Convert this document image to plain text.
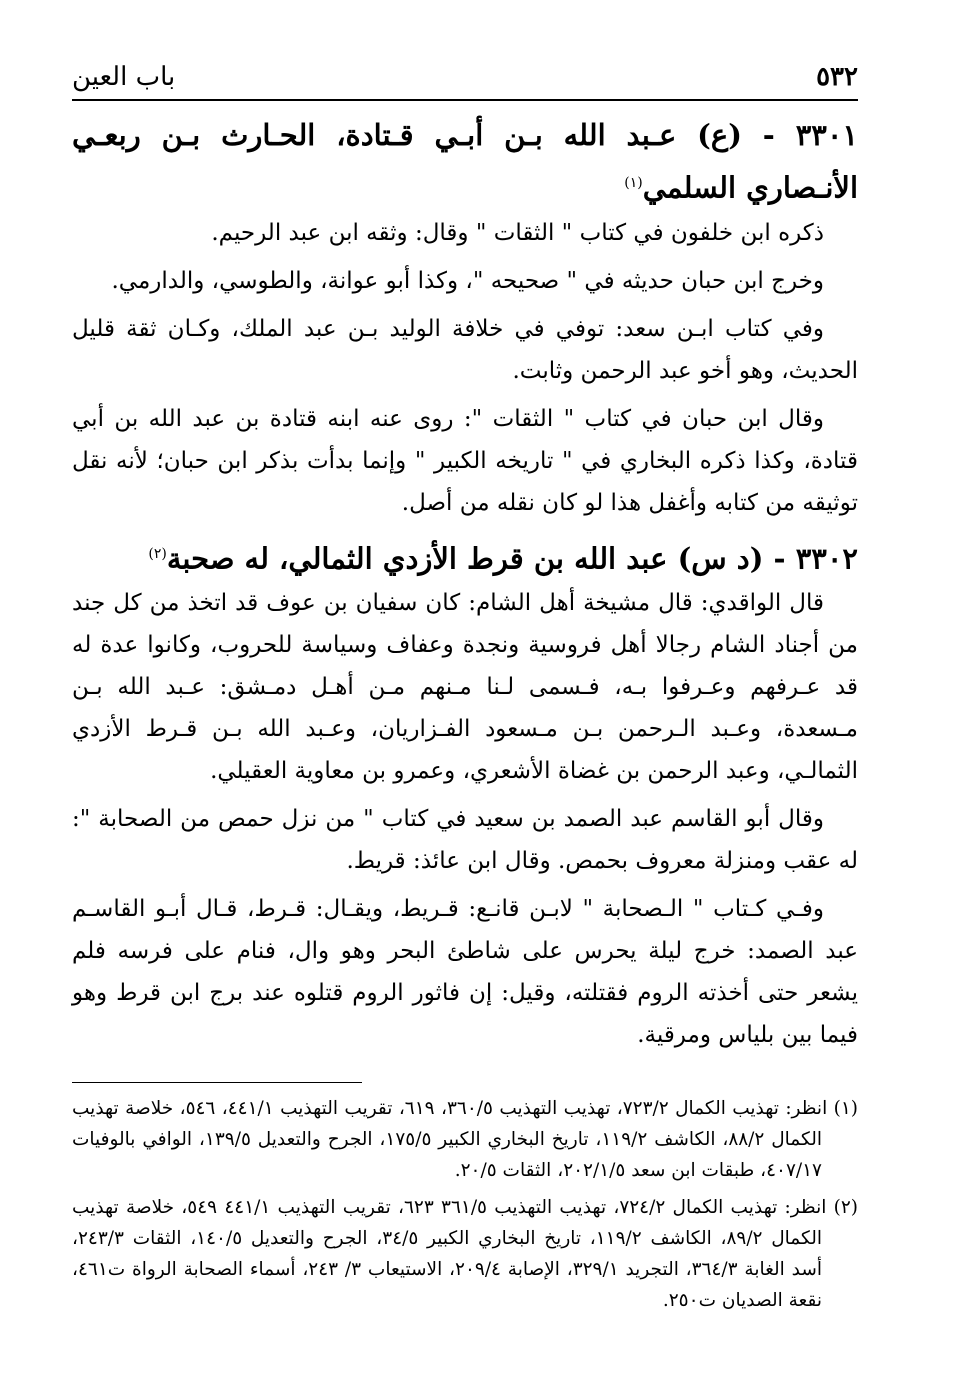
٥٣٢
باب العين

٣٣٠١ - (ع) عـبد الله بـن أبـي قـتادة، الحـارث بـن ربعـي الأنـصاري السلمي$^{(١)}$

ذكره ابن خلفون في كتاب " الثقات " وقال: وثقه ابن عبد الرحيم.

وخرج ابن حبان حديثه في " صحيحه "، وكذا أبو عوانة، والطوسي، والدارمي.

وفي كتاب ابـن سعد: توفي في خلافة الوليد بـن عبد الملك، وكـان ثقة قليل الحديث، وهو أخو عبد الرحمن وثابت.

وقال ابن حبان في كتاب " الثقات ": روى عنه ابنه قتادة بن عبد الله بن أبي قتادة، وكذا ذكره البخاري في " تاريخه الكبير " وإنما بدأت بذكر ابن حبان؛ لأنه نقل توثيقه من كتابه وأغفل هذا لو كان نقله من أصل.

٣٣٠٢ - (د س) عبد الله بن قرط الأزدي الثمالي، له صحبة$^{(٢)}$

قال الواقدي: قال مشيخة أهل الشام: كان سفيان بن عوف قد اتخذ من كل جند من أجناد الشام رجالا أهل فروسية ونجدة وعفاف وسياسة للحروب، وكانوا عدة له قد عـرفهم وعـرفوا بـه، فـسمى لـنا مـنهم مـن أهـل دمـشق: عـبد الله بـن مـسعدة، وعـبد الـرحمن بـن مـسعود الفـزاريان، وعـبد الله بـن قـرط الأزدي الثمالـي، وعبد الرحمن بن غضاة الأشعري، وعمرو بن معاوية العقيلي.

وقال أبو القاسم عبد الصمد بن سعيد في كتاب " من نزل حمص من الصحابة ": له عقب ومنزلة معروف بحمص. وقال ابن عائذ: قريط.

وفـي كـتاب " الـصحابة " لابـن قانـع: قـريط، ويقـال: قـرط، قـال أبـو القاسـم عبد الصمد: خرج ليلة يحرس على شاطئ البحر وهو وال، فنام على فرسه فلم يشعر حتى أخذته الروم فقتلته، وقيل: إن فاثور الروم قتلوه عند برج ابن قرط وهو فيما بين بلياس ومرقية.

(١) انظر: تهذيب الكمال ٧٢٣/٢، تهذيب التهذيب ٣٦٠/٥، ٦١٩، تقريب التهذيب ٤٤١/١، ٥٤٦، خلاصة تهذيب الكمال ٨٨/٢، الكاشف ١١٩/٢، تاريخ البخاري الكبير ١٧٥/٥، الجرح والتعديل ١٣٩/٥، الوافي بالوفيات ٤٠٧/١٧، طبقات ابن سعد ٢٠٢/١/٥، الثقات ٢٠/٥.

(٢) انظر: تهذيب الكمال ٧٢٤/٢، تهذيب التهذيب ٣٦١/٥ ٦٢٣، تقريب التهذيب ٤٤١/١ ٥٤٩، خلاصة تهذيب الكمال ٨٩/٢، الكاشف ١١٩/٢، تاريخ البخاري الكبير ٣٤/٥، الجرح والتعديل ١٤٠/٥، الثقات ٢٤٣/٣، أسد الغابة ٣٦٤/٣، التجريد ٣٢٩/١، الإصابة ٢٠٩/٤، الاستيعاب ٣/ ٢٤٣، أسماء الصحابة الرواة ت٤٦١، نقعة الصديان ت٢٥٠.
